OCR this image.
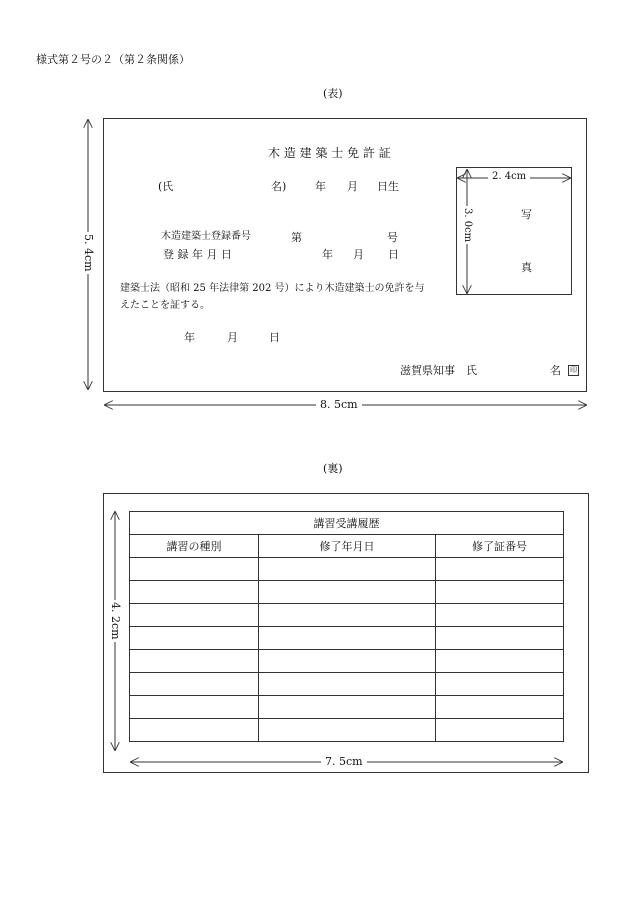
様式第２号の２（第２条関係）
(表)
木 造 建 築 士 免 許 証
(氏	名)	年 月 日生
木造建築士登録番号	第	号
登 録 年 月 日	年 月 日
建築士法（昭和 25 年法律第 202 号）により木造建築士の免許を与
えたことを証する。
年	月	日
滋賀県知事　氏	名 印
写
真
5. 4cm
8. 5cm
2. 4cm
3. 0cm
(裏)
講習受講履歴		
講習の種別	修了年月日	修了証番号

4. 2cm
7. 5cm
